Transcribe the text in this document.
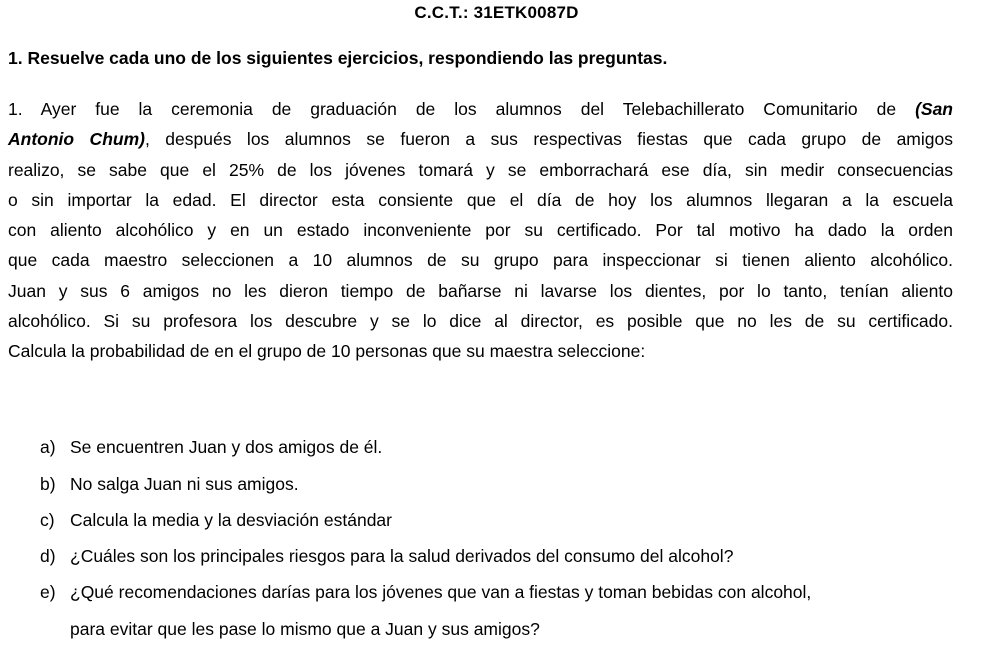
C.C.T.: 31ETK0087D
1. Resuelve cada uno de los siguientes ejercicios, respondiendo las preguntas.
1. Ayer fue la ceremonia de graduación de los alumnos del Telebachillerato Comunitario de (San
Antonio Chum), después los alumnos se fueron a sus respectivas fiestas que cada grupo de amigos
realizo, se sabe que el 25% de los jóvenes tomará y se emborrachará ese día, sin medir consecuencias
o sin importar la edad. El director esta consiente que el día de hoy los alumnos llegaran a la escuela
con aliento alcohólico y en un estado inconveniente por su certificado. Por tal motivo ha dado la orden
que cada maestro seleccionen a 10 alumnos de su grupo para inspeccionar si tienen aliento alcohólico.
Juan y sus 6 amigos no les dieron tiempo de bañarse ni lavarse los dientes, por lo tanto, tenían aliento
alcohólico. Si su profesora los descubre y se lo dice al director, es posible que no les de su certificado.
Calcula la probabilidad de en el grupo de 10 personas que su maestra seleccione:
a) Se encuentren Juan y dos amigos de él.
b) No salga Juan ni sus amigos.
c) Calcula la media y la desviación estándar
d) ¿Cuáles son los principales riesgos para la salud derivados del consumo del alcohol?
e) ¿Qué recomendaciones darías para los jóvenes que van a fiestas y toman bebidas con alcohol,
para evitar que les pase lo mismo que a Juan y sus amigos?
